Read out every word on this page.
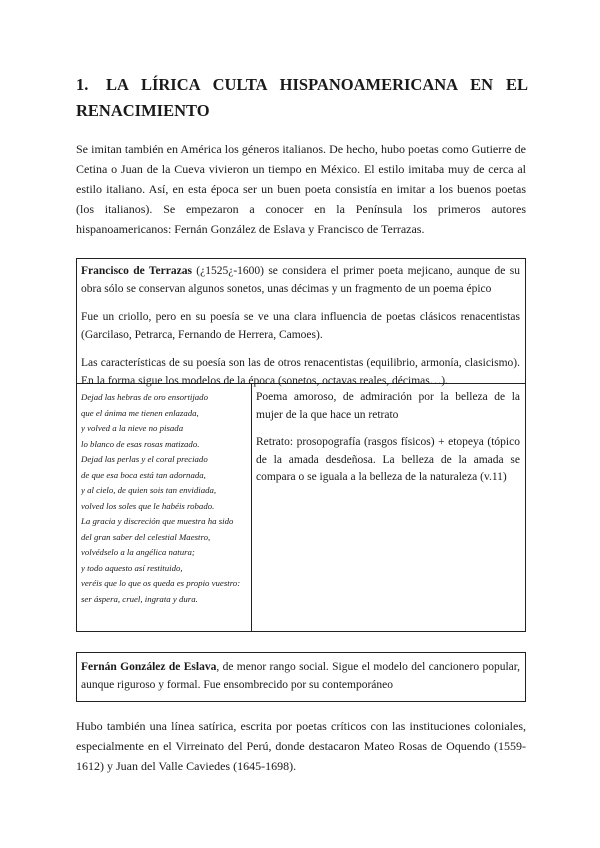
1. LA LÍRICA CULTA HISPANOAMERICANA EN EL RENACIMIENTO

Se imitan también en América los géneros italianos. De hecho, hubo poetas como Gutierre de Cetina o Juan de la Cueva vivieron un tiempo en México. El estilo imitaba muy de cerca al estilo italiano. Así, en esta época ser un buen poeta consistía en imitar a los buenos poetas (los italianos). Se empezaron a conocer en la Península los primeros autores hispanoamericanos: Fernán González de Eslava y Francisco de Terrazas.

Francisco de Terrazas (¿1525¿-1600) se considera el primer poeta mejicano, aunque de su obra sólo se conservan algunos sonetos, unas décimas y un fragmento de un poema épico

Fue un criollo, pero en su poesía se ve una clara influencia de poetas clásicos renacentistas (Garcilaso, Petrarca, Fernando de Herrera, Camoes).

Las características de su poesía son las de otros renacentistas (equilibrio, armonía, clasicismo). En la forma sigue los modelos de la época (sonetos, octavas reales, décimas…).

Dejad las hebras de oro ensortijado
que el ánima me tienen enlazada,
y volved a la nieve no pisada
lo blanco de esas rosas matizado.
Dejad las perlas y el coral preciado
de que esa boca está tan adornada,
y al cielo, de quien sois tan envidiada,
volved los soles que le habéis robado.
La gracia y discreción que muestra ha sido
del gran saber del celestial Maestro,
volvédselo a la angélica natura;
y todo aquesto así restituido,
veréis que lo que os queda es propio vuestro:
ser áspera, cruel, ingrata y dura.

Poema amoroso, de admiración por la belleza de la mujer de la que hace un retrato

Retrato: prosopografía (rasgos físicos) + etopeya (tópico de la amada desdeñosa. La belleza de la amada se compara o se iguala a la belleza de la naturaleza (v.11)

Fernán González de Eslava, de menor rango social. Sigue el modelo del cancionero popular, aunque riguroso y formal. Fue ensombrecido por su contemporáneo

Hubo también una línea satírica, escrita por poetas críticos con las instituciones coloniales, especialmente en el Virreinato del Perú, donde destacaron Mateo Rosas de Oquendo (1559-1612) y Juan del Valle Caviedes (1645-1698).
